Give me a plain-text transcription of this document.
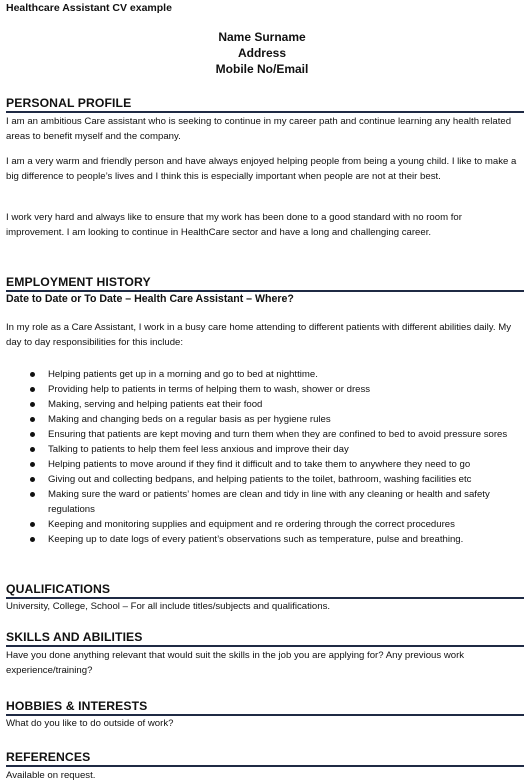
Healthcare Assistant CV example
Name Surname
Address
Mobile No/Email
PERSONAL PROFILE
I am an ambitious Care assistant who is seeking to continue in my career path and continue learning any health related areas to benefit myself and the company.
I am a very warm and friendly person and have always enjoyed helping people from being a young child. I like to make a big difference to people’s lives and I think this is especially important when people are not at their best.
I work very hard and always like to ensure that my work has been done to a good standard with no room for improvement. I am looking to continue in HealthCare sector and have a long and challenging career.
EMPLOYMENT HISTORY
Date to Date or To Date – Health Care Assistant – Where?
In my role as a Care Assistant, I work in a busy care home attending to different patients with different abilities daily. My day to day responsibilities for this include:
Helping patients get up in a morning and go to bed at nighttime.
Providing help to patients in terms of helping them to wash, shower or dress
Making, serving and helping patients eat their food
Making and changing beds on a regular basis as per hygiene rules
Ensuring that patients are kept moving and turn them when they are confined to bed to avoid pressure sores
Talking to patients to help them feel less anxious and improve their day
Helping patients to move around if they find it difficult and to take them to anywhere they need to go
Giving out and collecting bedpans, and helping patients to the toilet, bathroom, washing facilities etc
Making sure the ward or patients’ homes are clean and tidy in line with any cleaning or health and safety regulations
Keeping and monitoring supplies and equipment and re ordering through the correct procedures
Keeping up to date logs of every patient’s observations such as temperature, pulse and breathing.
QUALIFICATIONS
University, College, School – For all include titles/subjects and qualifications.
SKILLS AND ABILITIES
Have you done anything relevant that would suit the skills in the job you are applying for? Any previous work experience/training?
HOBBIES & INTERESTS
What do you like to do outside of work?
REFERENCES
Available on request.
